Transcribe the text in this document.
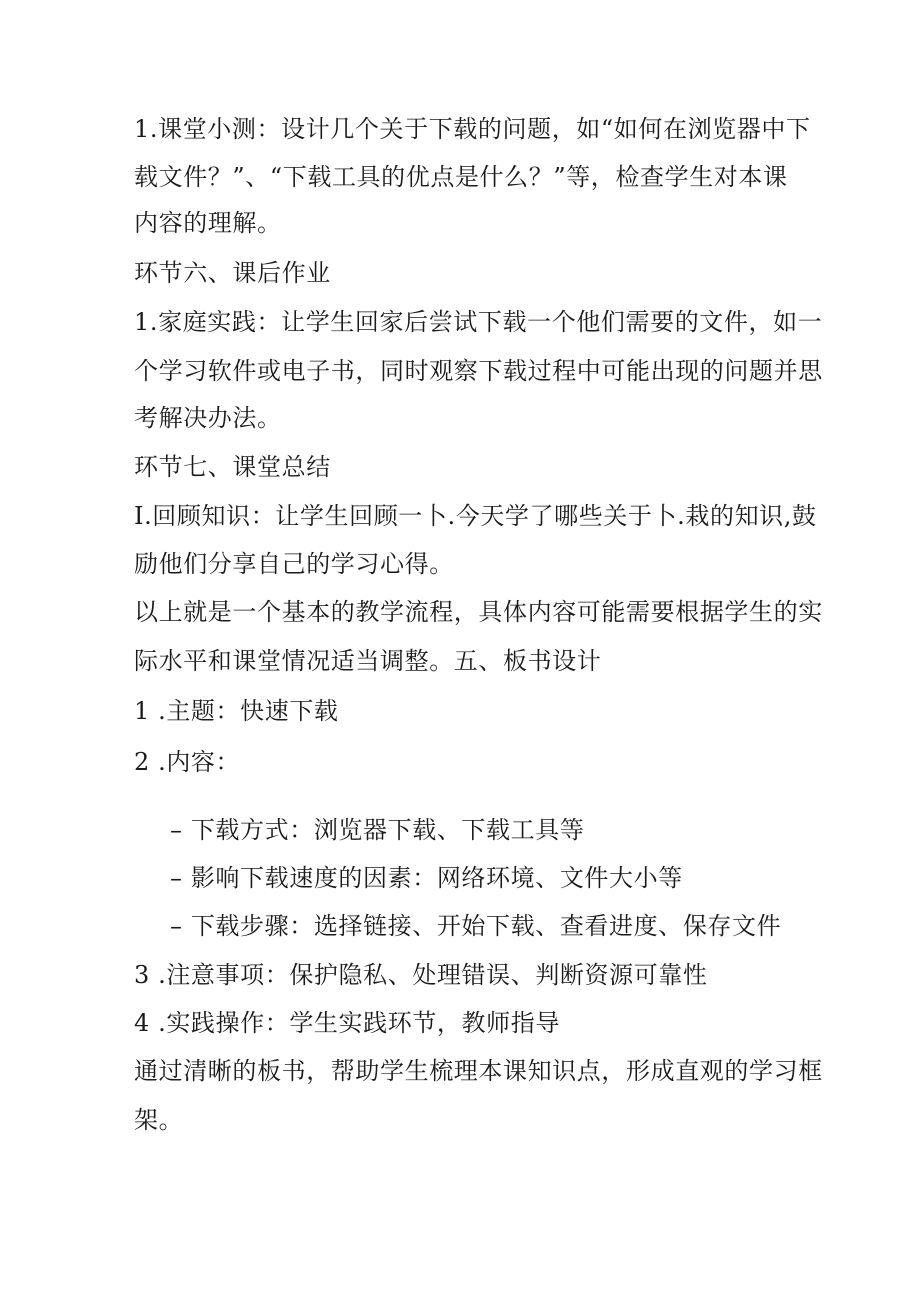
1.课堂小测：设计几个关于下载的问题，如“如何在浏览器中下
载文件？”、“下载工具的优点是什么？”等，检查学生对本课
内容的理解。
环节六、课后作业
1.家庭实践：让学生回家后尝试下载一个他们需要的文件，如一
个学习软件或电子书，同时观察下载过程中可能出现的问题并思
考解决办法。
环节七、课堂总结
I.回顾知识：让学生回顾一卜.今天学了哪些关于卜.栽的知识,鼓
励他们分享自己的学习心得。
以上就是一个基本的教学流程，具体内容可能需要根据学生的实
际水平和课堂情况适当调整。五、板书设计
1 .主题：快速下载
2 .内容：
– 下载方式：浏览器下载、下载工具等
– 影响下载速度的因素：网络环境、文件大小等
– 下载步骤：选择链接、开始下载、查看进度、保存文件
3 .注意事项：保护隐私、处理错误、判断资源可靠性
4 .实践操作：学生实践环节，教师指导
通过清晰的板书，帮助学生梳理本课知识点，形成直观的学习框
架。
